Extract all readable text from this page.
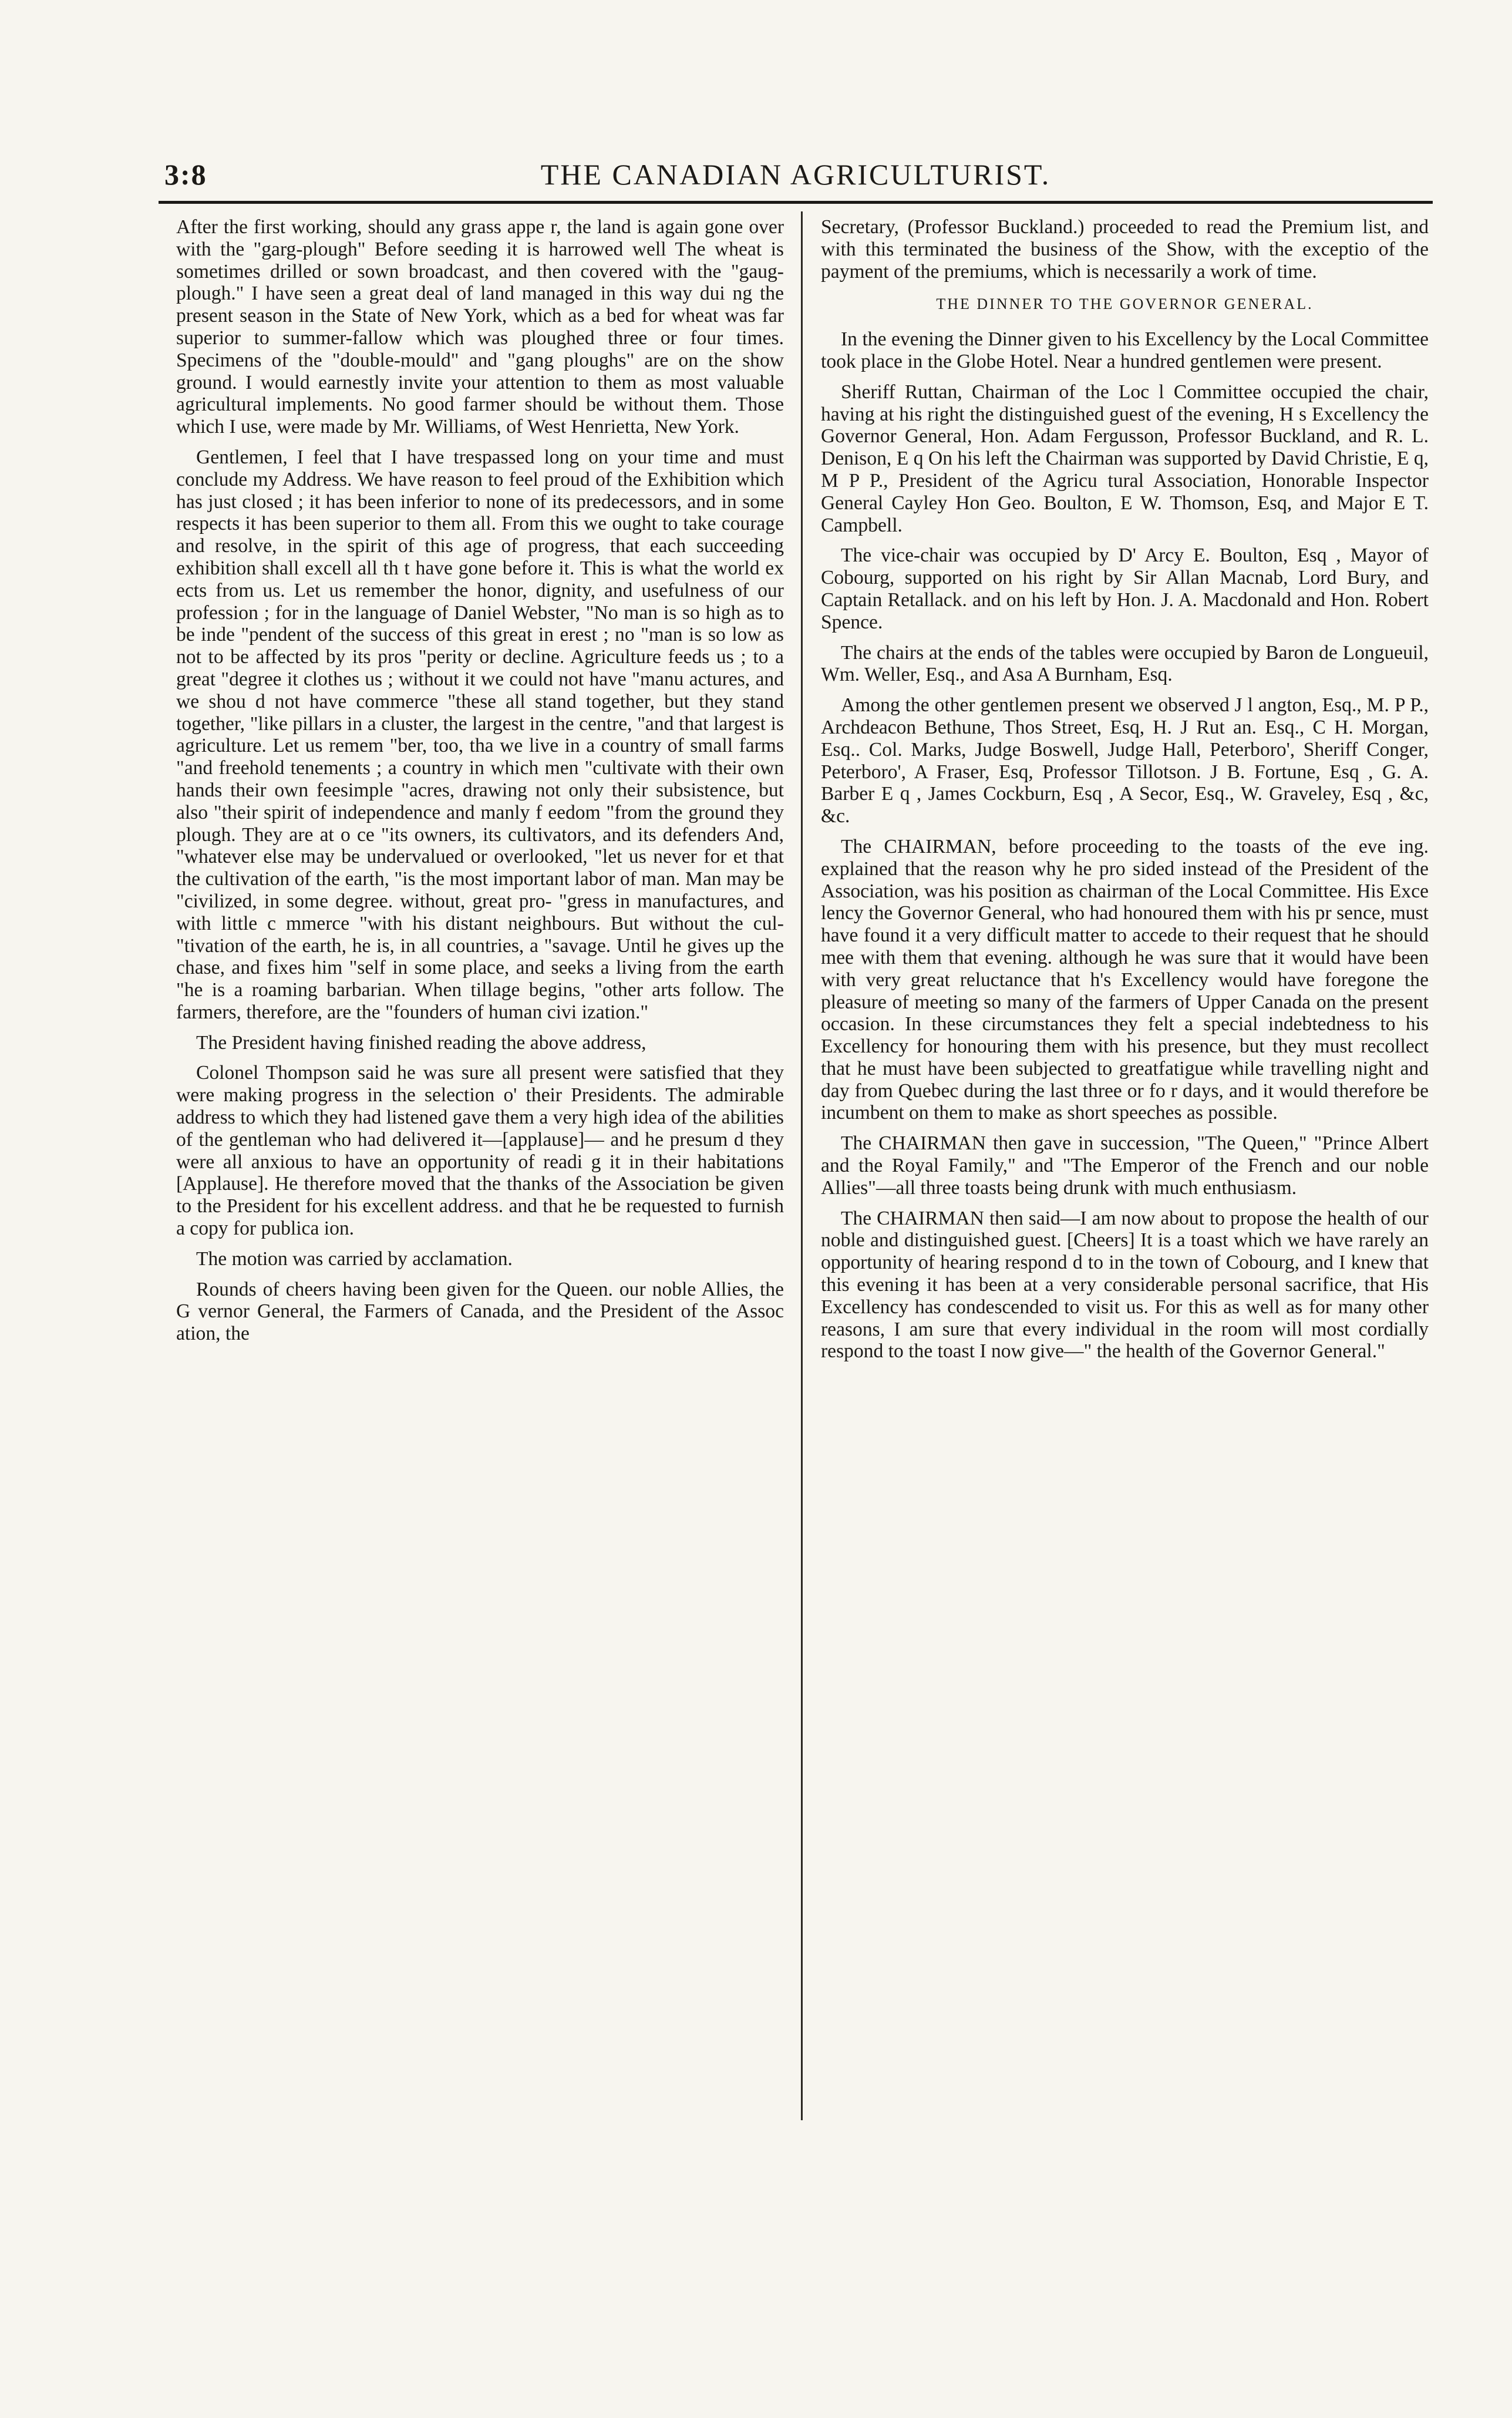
3:8	THE CANADIAN AGRICULTURIST.

After the first working, should any grass appe r, the land is again gone over with the "garg-plough" Before seeding it is harrowed well The wheat is sometimes drilled or sown broadcast, and then covered with the "gaug-plough." I have seen a great deal of land managed in this way dui ng the present season in the State of New York, which as a bed for wheat was far superior to summer-fallow which was ploughed three or four times. Specimens of the "double-mould" and "gang ploughs" are on the show ground. I would earnestly invite your attention to them as most valuable agricultural implements. No good farmer should be without them. Those which I use, were made by Mr. Williams, of West Henrietta, New York.

Gentlemen, I feel that I have trespassed long on your time and must conclude my Address. We have reason to feel proud of the Exhibition which has just closed ; it has been inferior to none of its predecessors, and in some respects it has been superior to them all. From this we ought to take courage and resolve, in the spirit of this age of progress, that each succeeding exhibition shall excell all th t have gone before it. This is what the world ex ects from us. Let us remember the honor, dignity, and usefulness of our profession ; for in the language of Daniel Webster, "No man is so high as to be inde "pendent of the success of this great in erest ; no "man is so low as not to be affected by its pros "perity or decline. Agriculture feeds us ; to a great "degree it clothes us ; without it we could not have "manu actures, and we shou d not have commerce "these all stand together, but they stand together, "like pillars in a cluster, the largest in the centre, "and that largest is agriculture. Let us remem "ber, too, tha we live in a country of small farms "and freehold tenements ; a country in which men "cultivate with their own hands their own feesimple "acres, drawing not only their subsistence, but also "their spirit of independence and manly f eedom "from the ground they plough. They are at o ce "its owners, its cultivators, and its defenders And, "whatever else may be undervalued or overlooked, "let us never for et that the cultivation of the earth, "is the most important labor of man. Man may be "civilized, in some degree. without, great pro- "gress in manufactures, and with little c mmerce "with his distant neighbours. But without the cul- "tivation of the earth, he is, in all countries, a "savage. Until he gives up the chase, and fixes him "self in some place, and seeks a living from the earth "he is a roaming barbarian. When tillage begins, "other arts follow. The farmers, therefore, are the "founders of human civi ization."

The President having finished reading the above address,

Colonel Thompson said he was sure all present were satisfied that they were making progress in the selection o' their Presidents. The admirable address to which they had listened gave them a very high idea of the abilities of the gentleman who had delivered it—[applause]— and he presum d they were all anxious to have an opportunity of readi g it in their habitations [Applause]. He therefore moved that the thanks of the Association be given to the President for his excellent address. and that he be requested to furnish a copy for publica ion.

The motion was carried by acclamation.

Rounds of cheers having been given for the Queen. our noble Allies, the G vernor General, the Farmers of Canada, and the President of the Assoc ation, the

Secretary, (Professor Buckland.) proceeded to read the Premium list, and with this terminated the business of the Show, with the exceptio of the payment of the premiums, which is necessarily a work of time.

THE DINNER TO THE GOVERNOR GENERAL.

In the evening the Dinner given to his Excellency by the Local Committee took place in the Globe Hotel. Near a hundred gentlemen were present.

Sheriff Ruttan, Chairman of the Loc l Committee occupied the chair, having at his right the distinguished guest of the evening, H s Excellency the Governor General, Hon. Adam Fergusson, Professor Buckland, and R. L. Denison, E q On his left the Chairman was supported by David Christie, E q, M P P., President of the Agricu tural Association, Honorable Inspector General Cayley Hon Geo. Boulton, E W. Thomson, Esq, and Major E T. Campbell.

The vice-chair was occupied by D' Arcy E. Boulton, Esq , Mayor of Cobourg, supported on his right by Sir Allan Macnab, Lord Bury, and Captain Retallack. and on his left by Hon. J. A. Macdonald and Hon. Robert Spence.

The chairs at the ends of the tables were occupied by Baron de Longueuil, Wm. Weller, Esq., and Asa A Burnham, Esq.

Among the other gentlemen present we observed J l angton, Esq., M. P P., Archdeacon Bethune, Thos Street, Esq, H. J Rut an. Esq., C H. Morgan, Esq.. Col. Marks, Judge Boswell, Judge Hall, Peterboro', Sheriff Conger, Peterboro', A Fraser, Esq, Professor Tillotson. J B. Fortune, Esq , G. A. Barber E q , James Cockburn, Esq , A Secor, Esq., W. Graveley, Esq , &c, &c.

The CHAIRMAN, before proceeding to the toasts of the eve ing. explained that the reason why he pro sided instead of the President of the Association, was his position as chairman of the Local Committee. His Exce lency the Governor General, who had honoured them with his pr sence, must have found it a very difficult matter to accede to their request that he should mee with them that evening. although he was sure that it would have been with very great reluctance that h's Excellency would have foregone the pleasure of meeting so many of the farmers of Upper Canada on the present occasion. In these circumstances they felt a special indebtedness to his Excellency for honouring them with his presence, but they must recollect that he must have been subjected to greatfatigue while travelling night and day from Quebec during the last three or fo r days, and it would therefore be incumbent on them to make as short speeches as possible.

The CHAIRMAN then gave in succession, "The Queen," "Prince Albert and the Royal Family," and "The Emperor of the French and our noble Allies"—all three toasts being drunk with much enthusiasm.

The CHAIRMAN then said—I am now about to propose the health of our noble and distinguished guest. [Cheers] It is a toast which we have rarely an opportunity of hearing respond d to in the town of Cobourg, and I knew that this evening it has been at a very considerable personal sacrifice, that His Excellency has condescended to visit us. For this as well as for many other reasons, I am sure that every individual in the room will most cordially respond to the toast I now give—" the health of the Governor General."
